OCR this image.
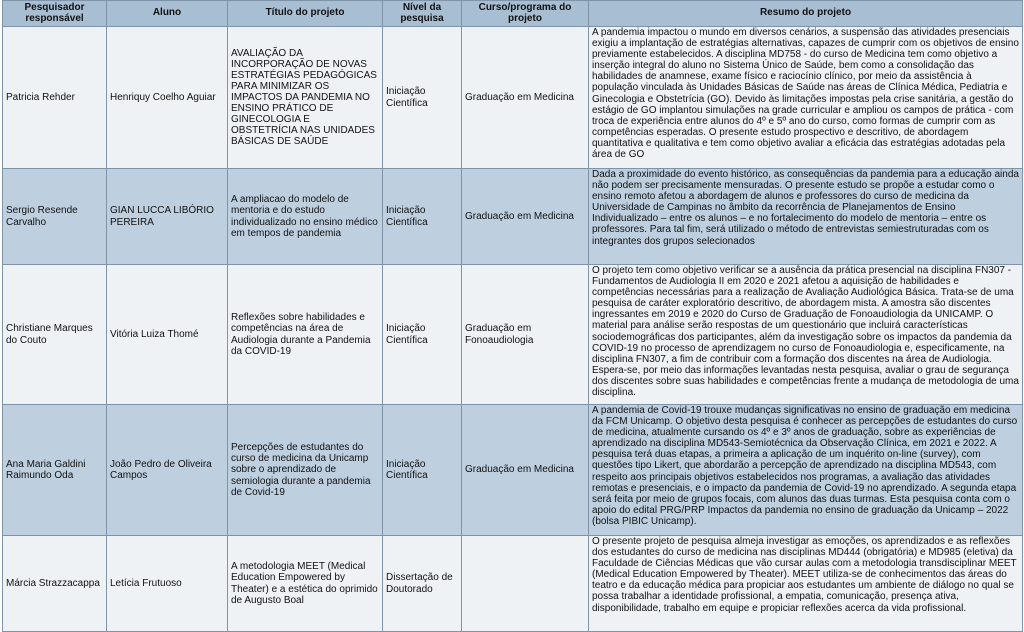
Pesquisador responsável	Aluno	Título do projeto	Nível da pesquisa	Curso/programa do projeto	Resumo do projeto
Patricia Rehder	Henriquy Coelho Aguiar	AVALIAÇÃO DA INCORPORAÇÃO DE NOVAS ESTRATÉGIAS PEDAGÓGICAS PARA MINIMIZAR OS IMPACTOS DA PANDEMIA NO ENSINO PRÁTICO DE GINECOLOGIA E OBSTETRÍCIA NAS UNIDADES BÁSICAS DE SAÚDE	Iniciação Científica	Graduação em Medicina	A pandemia impactou o mundo em diversos cenários, a suspensão das atividades presenciais exigiu a implantação de estratégias alternativas, capazes de cumprir com os objetivos de ensino previamente estabelecidos. A disciplina MD758 - do curso de Medicina tem como objetivo a inserção integral do aluno no Sistema Único de Saúde, bem como a consolidação das habilidades de anamnese, exame físico e raciocínio clínico, por meio da assistência à população vinculada às Unidades Básicas de Saúde nas áreas de Clínica Médica, Pediatria e Ginecologia e Obstetrícia (GO). Devido às limitações impostas pela crise sanitária, a gestão do estágio de GO implantou simulações na grade curricular e ampliou os campos de prática - com troca de experiência entre alunos do 4º e 5º ano do curso, como formas de cumprir com as competências esperadas. O presente estudo prospectivo e descritivo, de abordagem quantitativa e qualitativa e tem como objetivo avaliar a eficácia das estratégias adotadas pela área de GO
Sergio Resende Carvalho	GIAN LUCCA LIBÓRIO PEREIRA	A ampliacao do modelo de mentoria e do estudo individualizado no ensino médico em tempos de pandemia	Iniciação Científica	Graduação em Medicina	Dada a proximidade do evento histórico, as consequências da pandemia para a educação ainda não podem ser precisamente mensuradas. O presente estudo se propõe a estudar como o ensino remoto afetou a abordagem de alunos e professores do curso de medicina da Universidade de Campinas no âmbito da recorrência de Planejamentos de Ensino Individualizado – entre os alunos – e no fortalecimento do modelo de mentoria – entre os professores. Para tal fim, será utilizado o método de entrevistas semiestruturadas com os integrantes dos grupos selecionados
Christiane Marques do Couto	Vitória Luiza Thomé	Reflexões sobre habilidades e competências na área de Audiologia durante a Pandemia da COVID-19	Iniciação Científica	Graduação em Fonoaudiologia	O projeto tem como objetivo verificar se a ausência da prática presencial na disciplina FN307 - Fundamentos de Audiologia II em 2020 e 2021 afetou a aquisição de habilidades e competências necessárias para a realização de Avaliação Audiológica Básica. Trata-se de uma pesquisa de caráter exploratório descritivo, de abordagem mista. A amostra são discentes ingressantes em 2019 e 2020 do Curso de Graduação de Fonoaudiologia da UNICAMP. O material para análise serão respostas de um questionário que incluirá características sociodemográficas dos participantes, além da investigação sobre os impactos da pandemia da COVID-19 no processo de aprendizagem no curso de Fonoaudiologia e, especificamente, na disciplina FN307, a fim de contribuir com a formação dos discentes na área de Audiologia. Espera-se, por meio das informações levantadas nesta pesquisa, avaliar o grau de segurança dos discentes sobre suas habilidades e competências frente a mudança de metodologia de uma disciplina.
Ana Maria Galdini Raimundo Oda	João Pedro de Oliveira Campos	Percepções de estudantes do curso de medicina da Unicamp sobre o aprendizado de semiologia durante a pandemia de Covid-19	Iniciação Científica	Graduação em Medicina	A pandemia de Covid-19 trouxe mudanças significativas no ensino de graduação em medicina da FCM Unicamp. O objetivo desta pesquisa é conhecer as percepções de estudantes do curso de medicina, atualmente cursando os 4º e 3º anos de graduação, sobre as experiências de aprendizado na disciplina MD543-Semiotécnica da Observação Clínica, em 2021 e 2022. A pesquisa terá duas etapas, a primeira a aplicação de um inquérito on-line (survey), com questões tipo Likert, que abordarão a percepção de aprendizado na disciplina MD543, com respeito aos principais objetivos estabelecidos nos programas, a avaliação das atividades remotas e presenciais, e o impacto da pandemia de Covid-19 no aprendizado. A segunda etapa será feita por meio de grupos focais, com alunos das duas turmas. Esta pesquisa conta com o apoio do edital PRG/PRP Impactos da pandemia no ensino de graduação da Unicamp – 2022 (bolsa PIBIC Unicamp).
Márcia Strazzacappa	Letícia Frutuoso	A metodologia MEET (Medical Education Empowered by Theater) e a estética do oprimido de Augusto Boal	Dissertação de Doutorado		O presente projeto de pesquisa almeja investigar as emoções, os aprendizados e as reflexões dos estudantes do curso de medicina nas disciplinas MD444 (obrigatória) e MD985 (eletiva) da Faculdade de Ciências Médicas que vão cursar aulas com a metodologia transdisciplinar MEET (Medical Education Empowered by Theater). MEET utiliza-se de conhecimentos das áreas do teatro e da educação médica para propiciar aos estudantes um ambiente de diálogo no qual se possa trabalhar a identidade profissional, a empatia, comunicação, presença ativa, disponibilidade, trabalho em equipe e propiciar reflexões acerca da vida profissional.
